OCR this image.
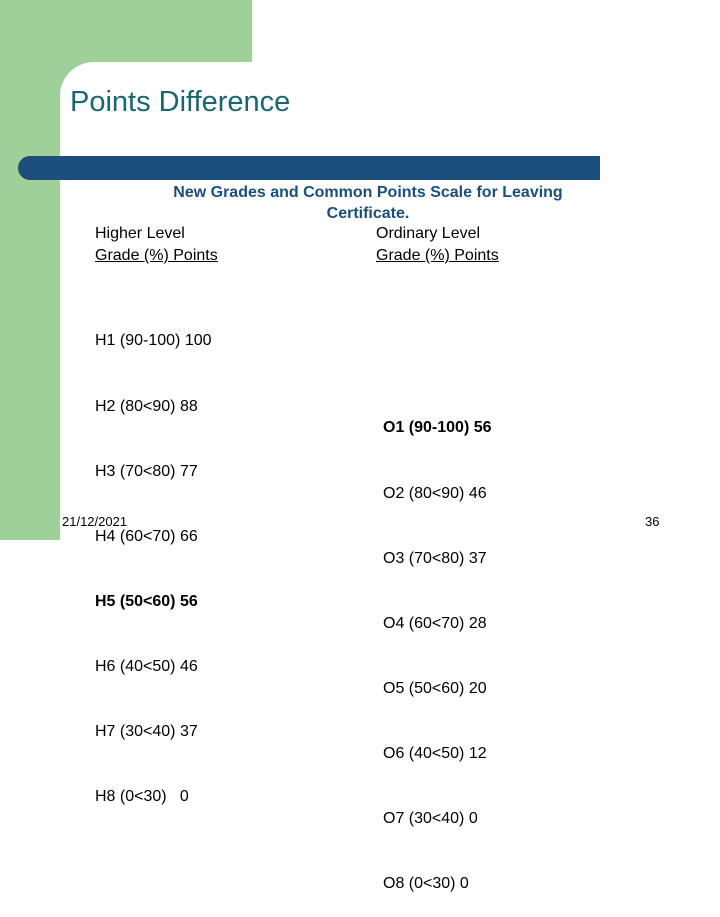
Points Difference
New Grades and Common Points Scale for Leaving
Certificate.
Higher Level
Grade (%) Points
Ordinary Level
Grade (%) Points

H1 (90-100) 100

H2 (80<90) 88

H3 (70<80) 77

H4 (60<70) 66

H5 (50<60) 56

H6 (40<50) 46

H7 (30<40) 37

H8 (0<30)   0

O1 (90-100) 56

O2 (80<90) 46

O3 (70<80) 37

O4 (60<70) 28

O5 (50<60) 20

O6 (40<50) 12

O7 (30<40) 0

O8 (0<30) 0

21/12/2021	36
